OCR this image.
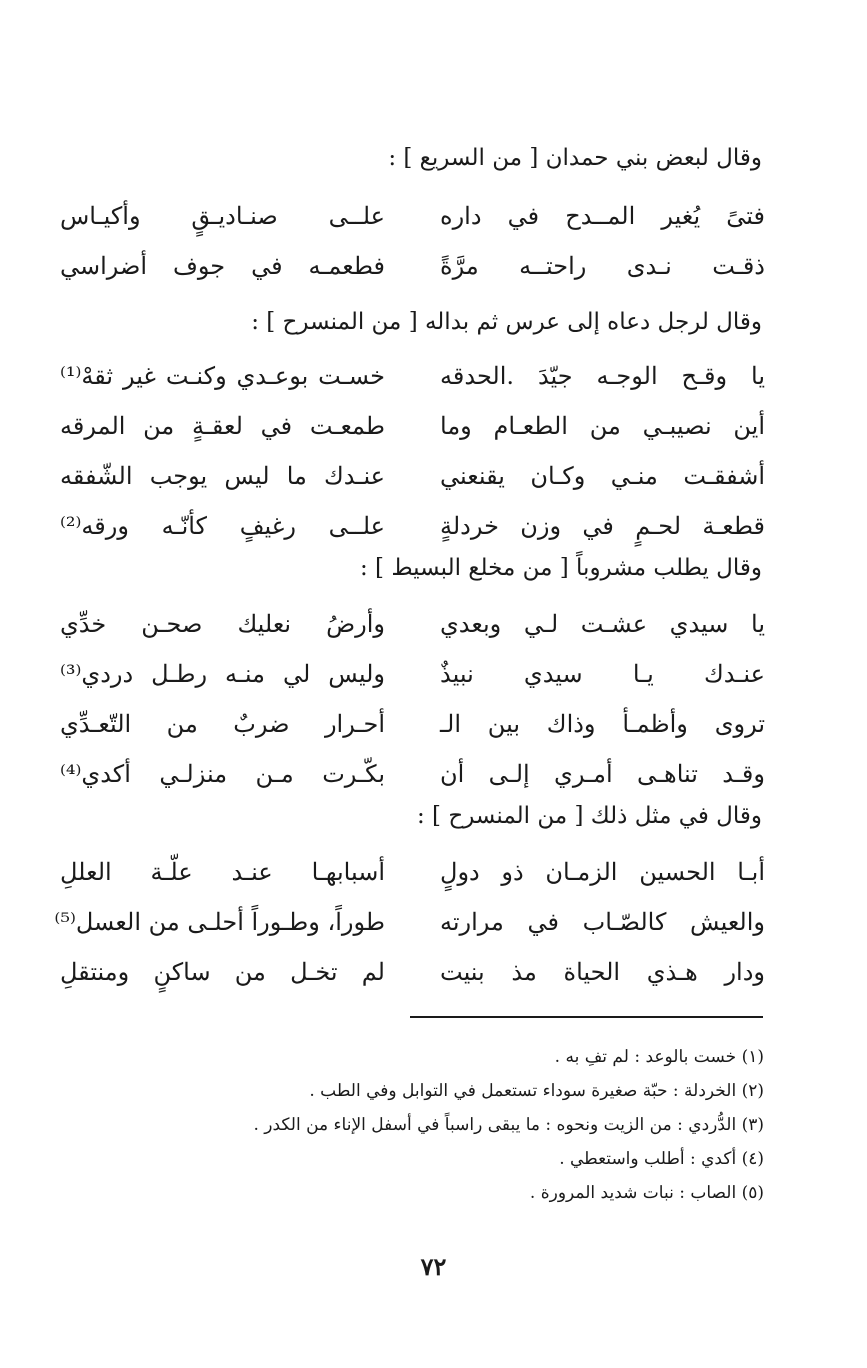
وقال لبعض بني حمدان [ من السريع ] :
فتىً يُغير المــدح في داره
علــى صنـاديـقٍ وأكيـاس
ذقـت نـدى راحتــه مرَّةً
فطعمـه في جوف أضراسي
وقال لرجل دعاه إلى عرس ثم بداله [ من المنسرح ] :
يا وقـح الوجـه جيّدَ .الحدقه
خسـت بوعـدي وكنـت غير ثقهْ⁽¹⁾
أين نصيبـي من الطعـام وما
طمعـت في لعقـةٍ من المرقه
أشفقـت منـي وكـان يقنعني
عنـدك ما ليس يوجب الشّفقه
قطعـة لحـمٍ في وزن خردلةٍ
علــى رغيفٍ كأنّـه ورقه⁽²⁾
وقال يطلب مشروباً [ من مخلع البسيط ] :
يا سيدي عشـت لـي وبعدي
وأرضُ نعليك صحـن خدِّي
عنـدك يـا سيدي نبيذٌ
وليس لي منـه رطـل دردي⁽³⁾
تروى وأظمـأ وذاك بين الـ
أحـرار ضربٌ من التّعـدِّي
وقـد تناهـى أمـري إلـى أن
بكّـرت مـن منزلـي أكدي⁽⁴⁾
وقال في مثل ذلك [ من المنسرح ] :
أبـا الحسين الزمـان ذو دولٍ
أسبابهـا عنـد علّـة العللِ
والعيش كالصّـاب في مرارته
طوراً، وطـوراً أحلـى من العسل⁽⁵⁾
ودار هـذي الحياة مذ بنيت
لم تخـل من ساكنٍ ومنتقلِ
(١) خست بالوعد : لم تفِ به .
(٢) الخردلة : حبّة صغيرة سوداء تستعمل في التوابل وفي الطب .
(٣) الدُّردي : من الزيت ونحوه : ما يبقى راسباً في أسفل الإناء من الكدر .
(٤) أكدي : أطلب واستعطي .
(٥) الصاب : نبات شديد المرورة .
٧٢
